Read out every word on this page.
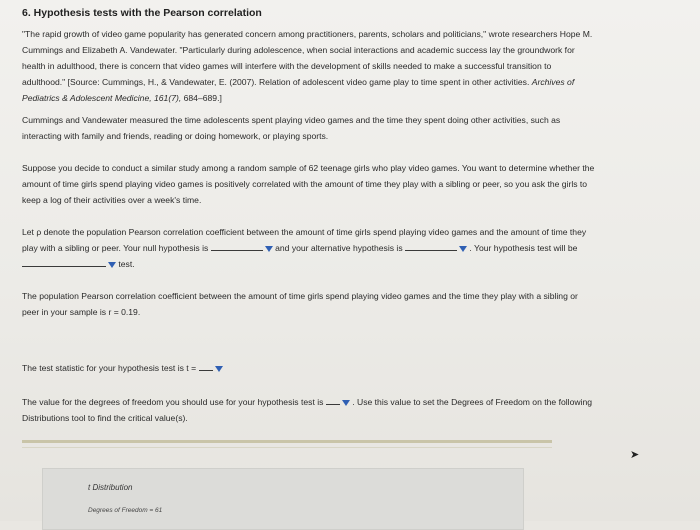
6. Hypothesis tests with the Pearson correlation
"The rapid growth of video game popularity has generated concern among practitioners, parents, scholars and politicians," wrote researchers Hope M.
Cummings and Elizabeth A. Vandewater. "Particularly during adolescence, when social interactions and academic success lay the groundwork for
health in adulthood, there is concern that video games will interfere with the development of skills needed to make a successful transition to
adulthood." [Source: Cummings, H., & Vandewater, E. (2007). Relation of adolescent video game play to time spent in other activities. Archives of
Pediatrics & Adolescent Medicine, 161(7), 684–689.]
Cummings and Vandewater measured the time adolescents spent playing video games and the time they spent doing other activities, such as
interacting with family and friends, reading or doing homework, or playing sports.
Suppose you decide to conduct a similar study among a random sample of 62 teenage girls who play video games. You want to determine whether the
amount of time girls spend playing video games is positively correlated with the amount of time they play with a sibling or peer, so you ask the girls to
keep a log of their activities over a week's time.
Let ρ denote the population Pearson correlation coefficient between the amount of time girls spend playing video games and the amount of time they
play with a sibling or peer. Your null hypothesis is	and your alternative hypothesis is	. Your hypothesis test will be
test.
The population Pearson correlation coefficient between the amount of time girls spend playing video games and the time they play with a sibling or
peer in your sample is r = 0.19.
The test statistic for your hypothesis test is t =
The value for the degrees of freedom you should use for your hypothesis test is	. Use this value to set the Degrees of Freedom on the following
Distributions tool to find the critical value(s).
➤
t Distribution
Degrees of Freedom = 61
